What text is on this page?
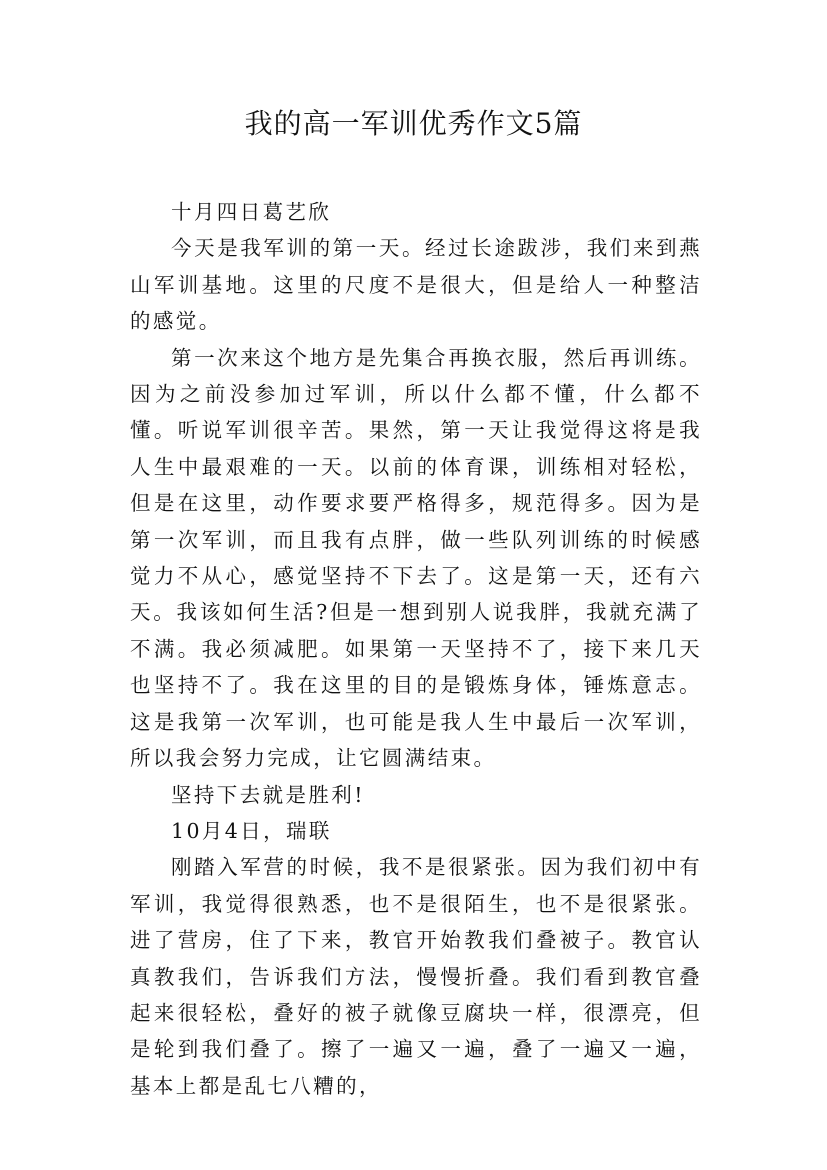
我的高一军训优秀作文5篇

十月四日葛艺欣

今天是我军训的第一天。经过长途跋涉，我们来到燕山军训基地。这里的尺度不是很大，但是给人一种整洁的感觉。

第一次来这个地方是先集合再换衣服，然后再训练。因为之前没参加过军训，所以什么都不懂，什么都不懂。听说军训很辛苦。果然，第一天让我觉得这将是我人生中最艰难的一天。以前的体育课，训练相对轻松，但是在这里，动作要求要严格得多，规范得多。因为是第一次军训，而且我有点胖，做一些队列训练的时候感觉力不从心，感觉坚持不下去了。这是第一天，还有六天。我该如何生活?但是一想到别人说我胖，我就充满了不满。我必须减肥。如果第一天坚持不了，接下来几天也坚持不了。我在这里的目的是锻炼身体，锤炼意志。这是我第一次军训，也可能是我人生中最后一次军训，所以我会努力完成，让它圆满结束。

坚持下去就是胜利!

10月4日，瑞联

刚踏入军营的时候，我不是很紧张。因为我们初中有军训，我觉得很熟悉，也不是很陌生，也不是很紧张。进了营房，住了下来，教官开始教我们叠被子。教官认真教我们，告诉我们方法，慢慢折叠。我们看到教官叠起来很轻松，叠好的被子就像豆腐块一样，很漂亮，但是轮到我们叠了。擦了一遍又一遍，叠了一遍又一遍，基本上都是乱七八糟的，
